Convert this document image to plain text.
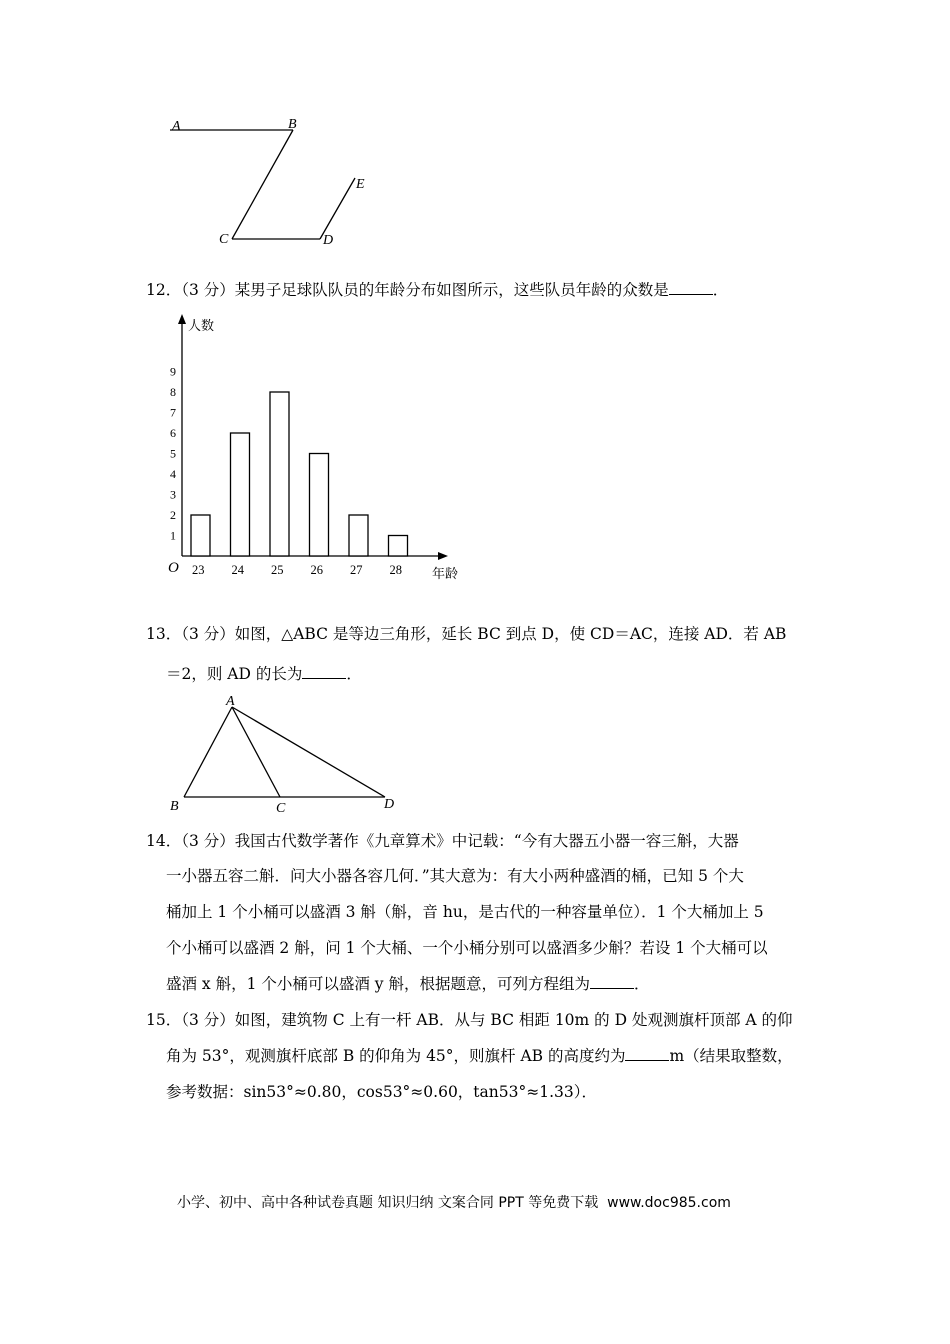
A	B
C	D
E
12．（3 分）某男子足球队队员的年龄分布如图所示，这些队员年龄的众数是	．
1
2
3
4
5
6
7
8
9
23 24 25 26 27 28
O
人数
年龄
13．（3 分）如图，△ABC 是等边三角形，延长 BC 到点 D，使 CD＝AC，连接 AD．若 AB
＝2，则 AD 的长为	．
A
B	C	D
14．（3 分）我国古代数学著作《九章算术》中记载：“今有大器五小器一容三斛，大器
一小器五容二斛．问大小器各容几何．”其大意为：有大小两种盛酒的桶，已知 5 个大
桶加上 1 个小桶可以盛酒 3 斛（斛，音 hu，是古代的一种容量单位）．1 个大桶加上 5
个小桶可以盛酒 2 斛，问 1 个大桶、一个小桶分别可以盛酒多少斛？若设 1 个大桶可以
盛酒 x 斛，1 个小桶可以盛酒 y 斛，根据题意，可列方程组为	．
15．（3 分）如图，建筑物 C 上有一杆 AB．从与 BC 相距 10m 的 D 处观测旗杆顶部 A 的仰
角为 53°，观测旗杆底部 B 的仰角为 45°，则旗杆 AB 的高度约为	m（结果取整数，
参考数据：sin53°≈0.80，cos53°≈0.60，tan53°≈1.33）．
小学、初中、高中各种试卷真题 知识归纳 文案合同 PPT 等免费下载 www.doc985.com
